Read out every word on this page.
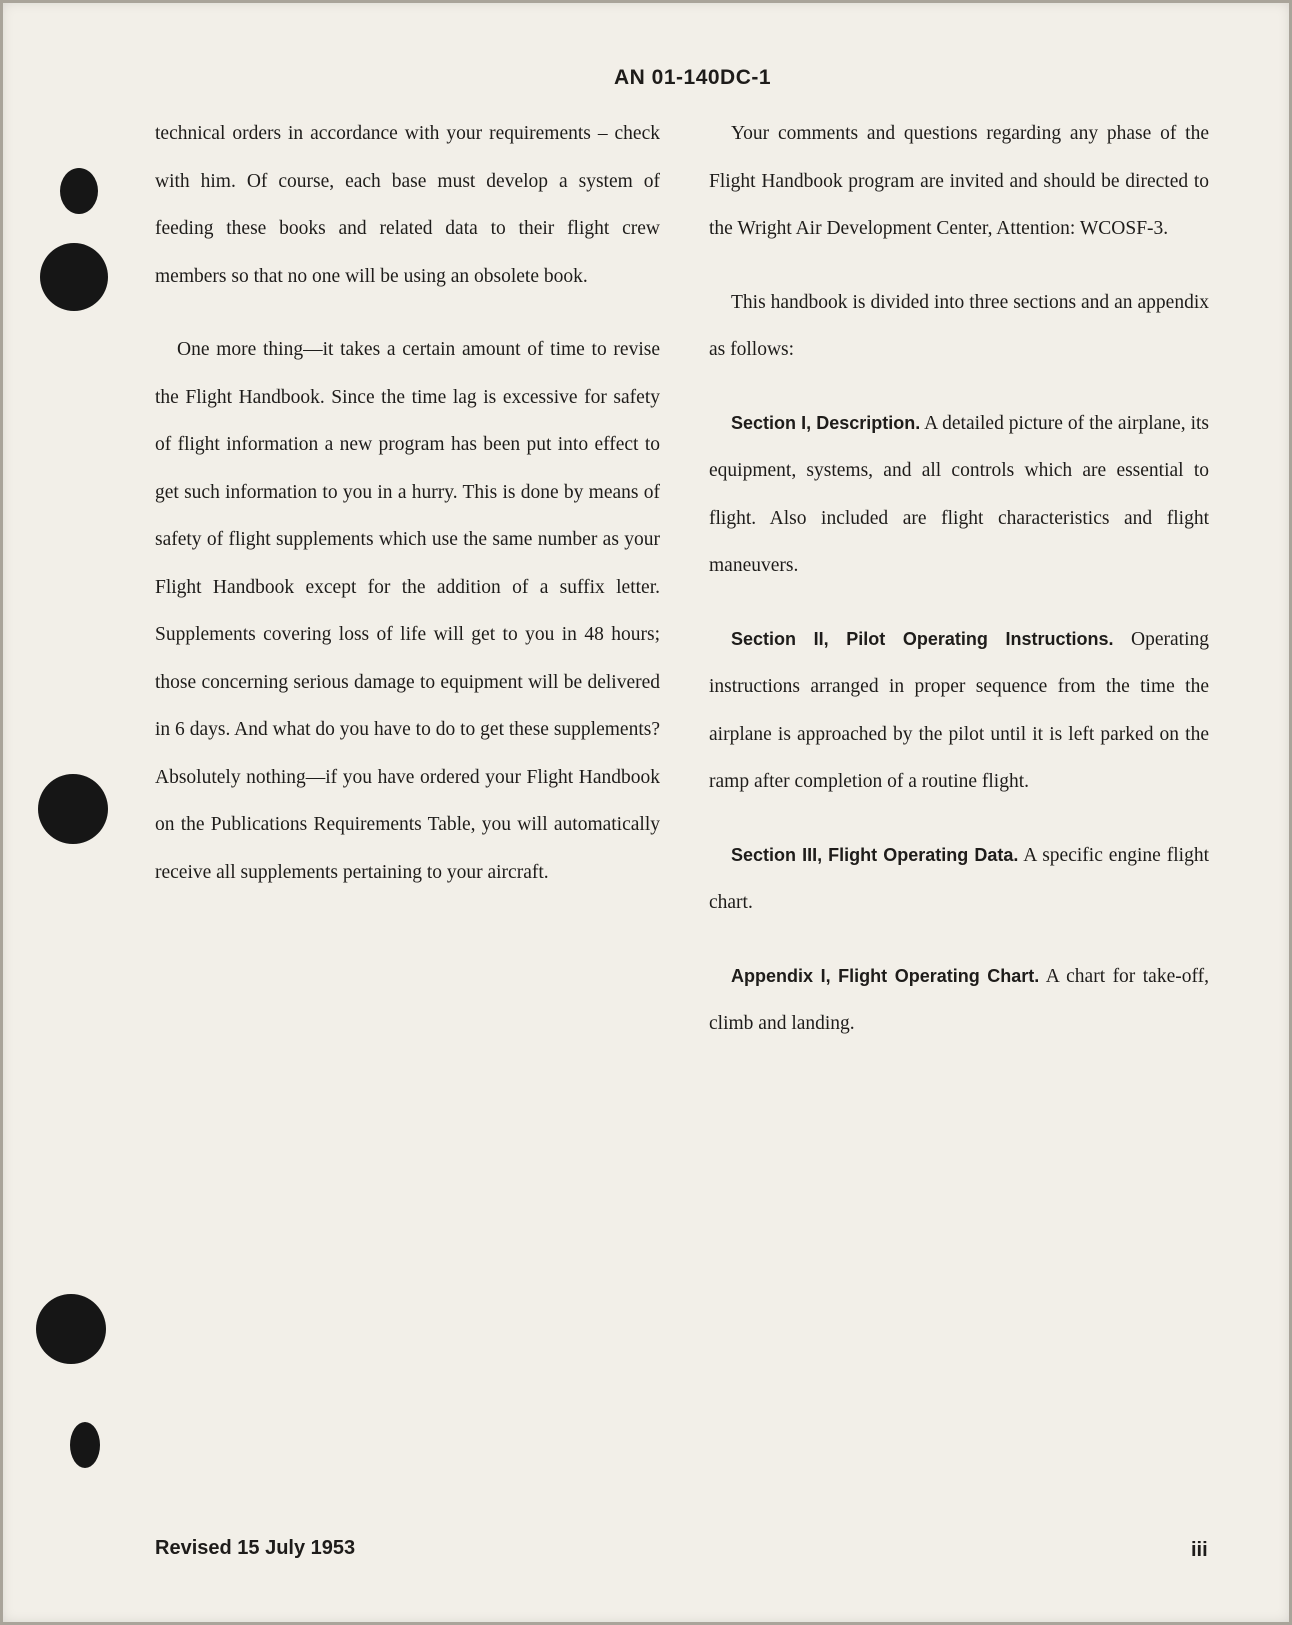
AN 01-140DC-1

technical orders in accordance with your requirements – check with him. Of course, each base must develop a system of feeding these books and related data to their flight crew members so that no one will be using an obsolete book.

One more thing—it takes a certain amount of time to revise the Flight Handbook. Since the time lag is excessive for safety of flight information a new program has been put into effect to get such information to you in a hurry. This is done by means of safety of flight supplements which use the same number as your Flight Handbook except for the addition of a suffix letter. Supplements covering loss of life will get to you in 48 hours; those concerning serious damage to equipment will be delivered in 6 days. And what do you have to do to get these supplements? Absolutely nothing—if you have ordered your Flight Handbook on the Publications Requirements Table, you will automatically receive all supplements pertaining to your aircraft.

Your comments and questions regarding any phase of the Flight Handbook program are invited and should be directed to the Wright Air Development Center, Attention: WCOSF-3.

This handbook is divided into three sections and an appendix as follows:

Section I, Description. A detailed picture of the airplane, its equipment, systems, and all controls which are essential to flight. Also included are flight characteristics and flight maneuvers.

Section II, Pilot Operating Instructions. Operating instructions arranged in proper sequence from the time the airplane is approached by the pilot until it is left parked on the ramp after completion of a routine flight.

Section III, Flight Operating Data. A specific engine flight chart.

Appendix I, Flight Operating Chart. A chart for take-off, climb and landing.

Revised 15 July 1953	iii
